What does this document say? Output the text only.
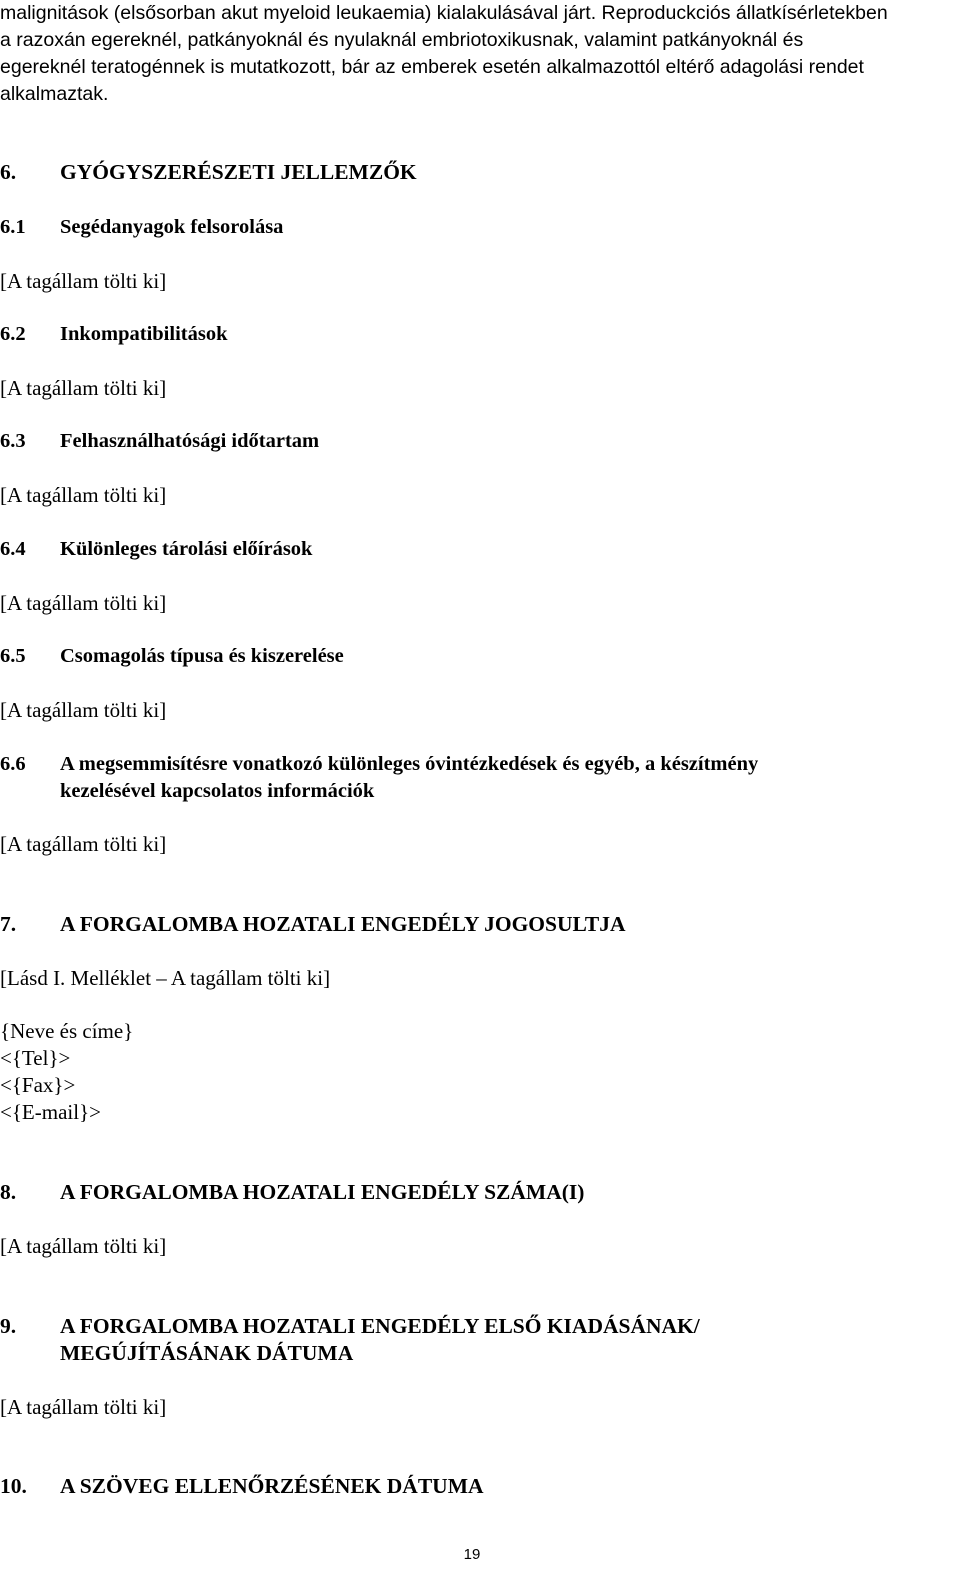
malignitások (elsősorban akut myeloid leukaemia) kialakulásával járt. Reproduckciós állatkísérletekben
a razoxán egereknél, patkányoknál és nyulaknál embriotoxikusnak, valamint patkányoknál és
egereknél teratogénnek is mutatkozott, bár az emberek esetén alkalmazottól eltérő adagolási rendet
alkalmaztak.

6.	GYÓGYSZERÉSZETI JELLEMZŐK
6.1	Segédanyagok felsorolása

[A tagállam tölti ki]

6.2	Inkompatibilitások

[A tagállam tölti ki]

6.3	Felhasználhatósági időtartam

[A tagállam tölti ki]

6.4	Különleges tárolási előírások

[A tagállam tölti ki]

6.5	Csomagolás típusa és kiszerelése

[A tagállam tölti ki]

6.6	A megsemmisítésre vonatkozó különleges óvintézkedések és egyéb, a készítmény
kezelésével kapcsolatos információk

[A tagállam tölti ki]

7.	A FORGALOMBA HOZATALI ENGEDÉLY JOGOSULTJA

[Lásd I. Melléklet – A tagállam tölti ki]

{Neve és címe}
<{Tel}>
<{Fax}>
<{E-mail}>
8.	A FORGALOMBA HOZATALI ENGEDÉLY SZÁMA(I)

[A tagállam tölti ki]

9.	A FORGALOMBA HOZATALI ENGEDÉLY ELSŐ KIADÁSÁNAK/
MEGÚJÍTÁSÁNAK DÁTUMA

[A tagállam tölti ki]

10.	A SZÖVEG ELLENŐRZÉSÉNEK DÁTUMA
19
